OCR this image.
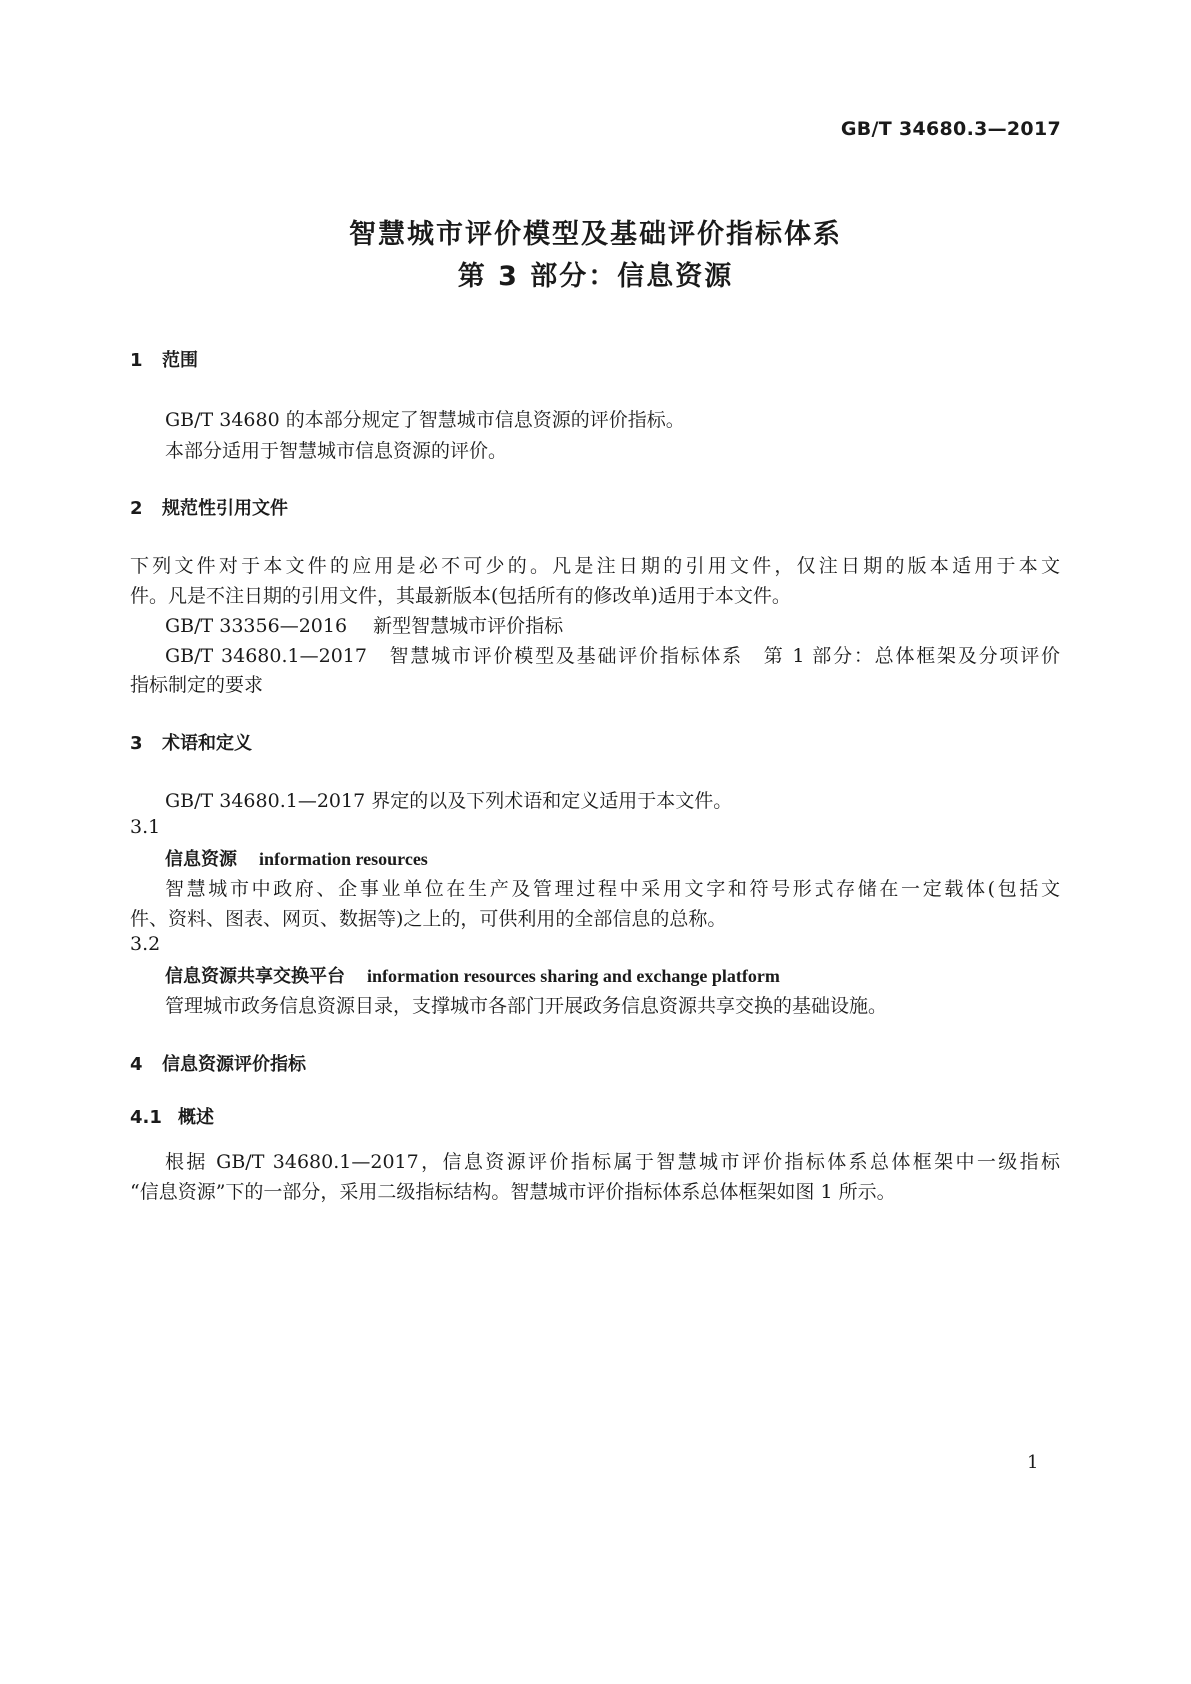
GB/T 34680.3—2017
智慧城市评价模型及基础评价指标体系
第 3 部分：信息资源
1 范围
GB/T 34680 的本部分规定了智慧城市信息资源的评价指标。
本部分适用于智慧城市信息资源的评价。
2 规范性引用文件
下列文件对于本文件的应用是必不可少的。凡是注日期的引用文件，仅注日期的版本适用于本文
件。凡是不注日期的引用文件，其最新版本(包括所有的修改单)适用于本文件。
GB/T 33356—2016 新型智慧城市评价指标
GB/T 34680.1—2017　智慧城市评价模型及基础评价指标体系　第 1 部分：总体框架及分项评价
指标制定的要求
3 术语和定义
GB/T 34680.1—2017 界定的以及下列术语和定义适用于本文件。
3.1
信息资源 information resources
智慧城市中政府、企事业单位在生产及管理过程中采用文字和符号形式存储在一定载体(包括文
件、资料、图表、网页、数据等)之上的，可供利用的全部信息的总称。
3.2
信息资源共享交换平台 information resources sharing and exchange platform
管理城市政务信息资源目录，支撑城市各部门开展政务信息资源共享交换的基础设施。
4 信息资源评价指标
4.1 概述
根据 GB/T 34680.1—2017，信息资源评价指标属于智慧城市评价指标体系总体框架中一级指标
“信息资源”下的一部分，采用二级指标结构。智慧城市评价指标体系总体框架如图 1 所示。
1
